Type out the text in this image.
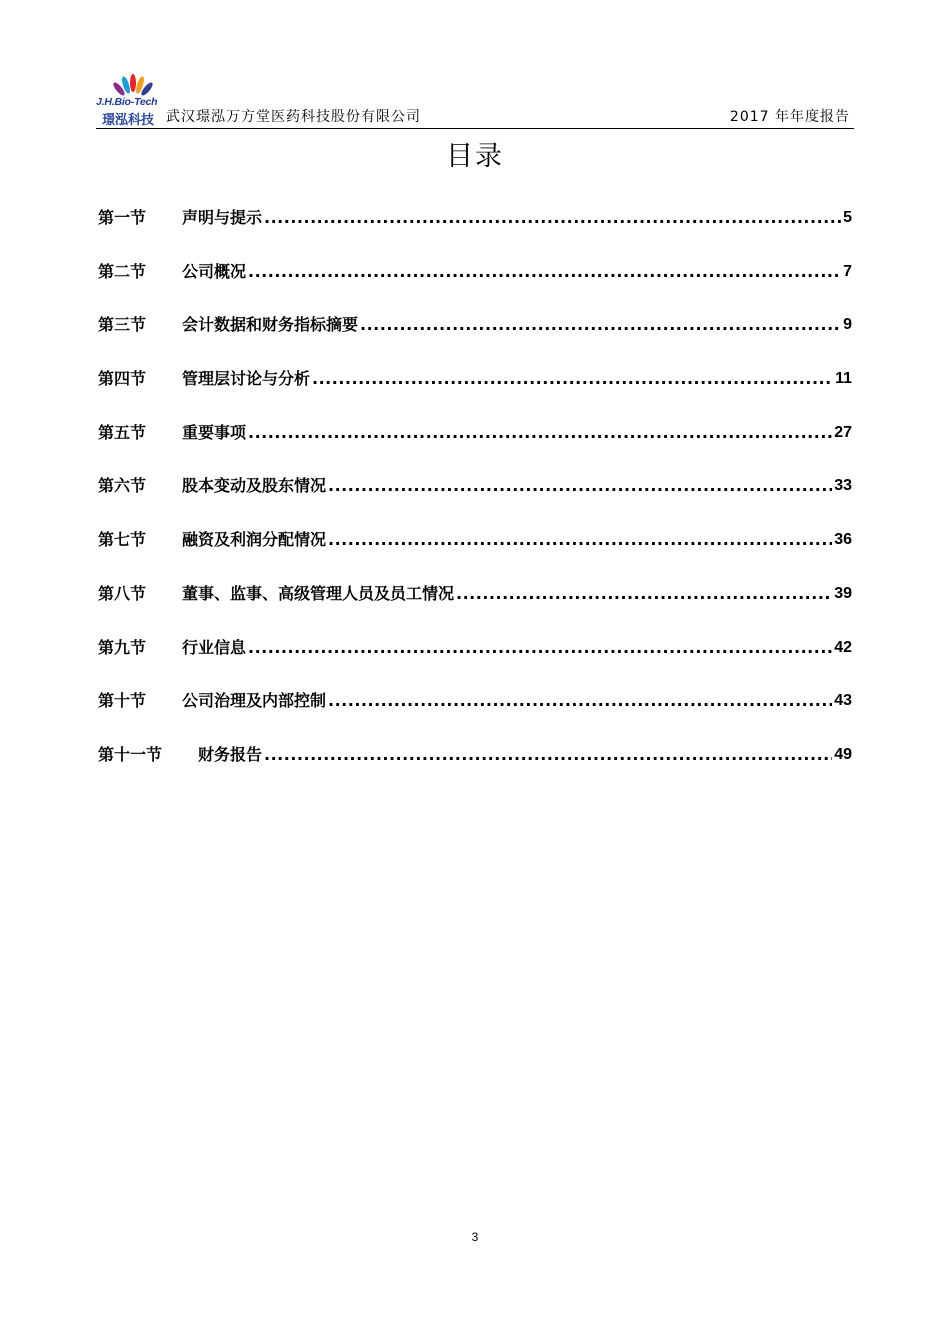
J.H.Bio-Tech
璟泓科技 武汉璟泓万方堂医药科技股份有限公司	2017 年年度报告
目录
第一节	声明与提示 .....	5
第二节	公司概况 .....	7
第三节	会计数据和财务指标摘要 .....	9
第四节	管理层讨论与分析 .....	11
第五节	重要事项 .....	27
第六节	股本变动及股东情况 .....	33
第七节	融资及利润分配情况 .....	36
第八节	董事、监事、高级管理人员及员工情况 .....	39
第九节	行业信息 .....	42
第十节	公司治理及内部控制 .....	43
第十一节	财务报告 .....	49
3
